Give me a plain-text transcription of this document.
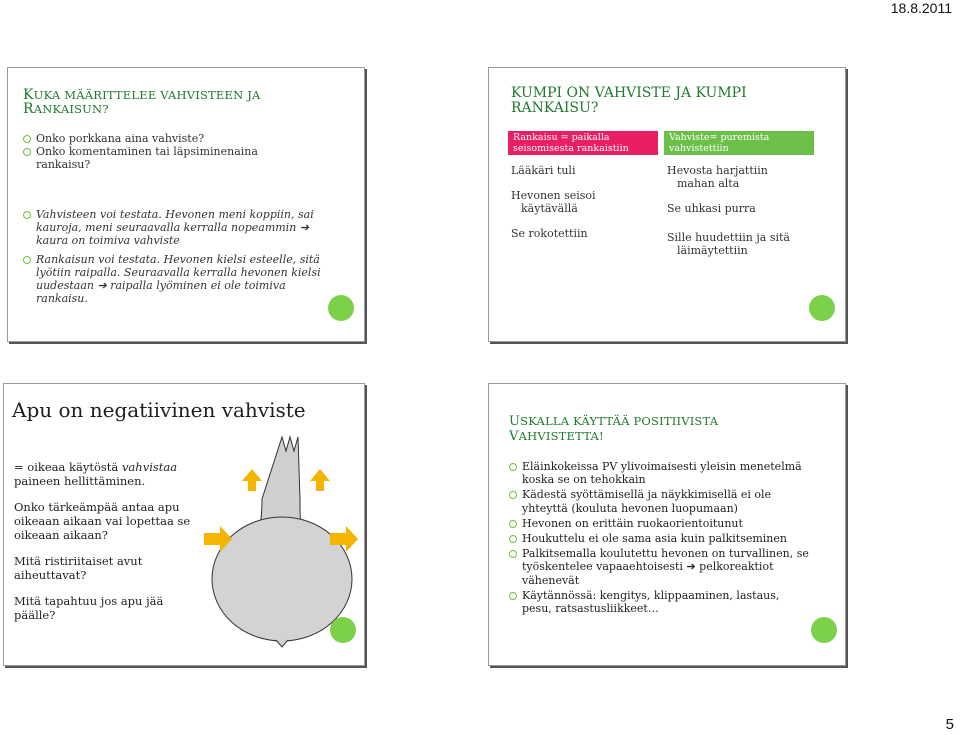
18.8.2011
KUKA MÄÄRITTELEE VAHVISTEEN JA
RANKAISUN?
Onko porkkana aina vahviste?
Onko komentaminen tai läpsiminenaina rankaisu?
Vahvisteen voi testata. Hevonen meni koppiin, sai kauroja, meni seuraavalla kerralla nopeammin ➔ kaura on toimiva vahviste
Rankaisun voi testata. Hevonen kielsi esteelle, sitä lyötiin raipalla. Seuraavalla kerralla hevonen kielsi uudestaan ➔ raipalla lyöminen ei ole toimiva rankaisu.
KUMPI ON VAHVISTE JA KUMPI RANKAISU?
Rankaisu = paikalla seisomisesta rankaistiin
Vahviste= puremista vahvistettiin

Lääkäri tuli

Hevonen seisoi

käytävällä

Se rokotettiin

Hevosta harjattiin

mahan alta

Se uhkasi purra

Sille huudettiin ja sitä

läimäytettiin

Apu on negatiivinen vahviste

= oikeaa käytöstä vahvistaa paineen hellittäminen.

Onko tärkeämpää antaa apu oikeaan aikaan vai lopettaa se oikeaan aikaan?

Mitä ristiriitaiset avut aiheuttavat?

Mitä tapahtuu jos apu jää päälle?

USKALLA KÄYTTÄÄ POSITIIVISTA
VAHVISTETTA!
Eläinkokeissa PV ylivoimaisesti yleisin menetelmä koska se on tehokkain
Kädestä syöttämisellä ja näykkimisellä ei ole yhteyttä (kouluta hevonen luopumaan)
Hevonen on erittäin ruokaorientoitunut
Houkuttelu ei ole sama asia kuin palkitseminen
Palkitsemalla koulutettu hevonen on turvallinen, se työskentelee vapaaehtoisesti ➔ pelkoreaktiot vähenevät
Käytännössä: kengitys, klippaaminen, lastaus, pesu, ratsastusliikkeet…
5
